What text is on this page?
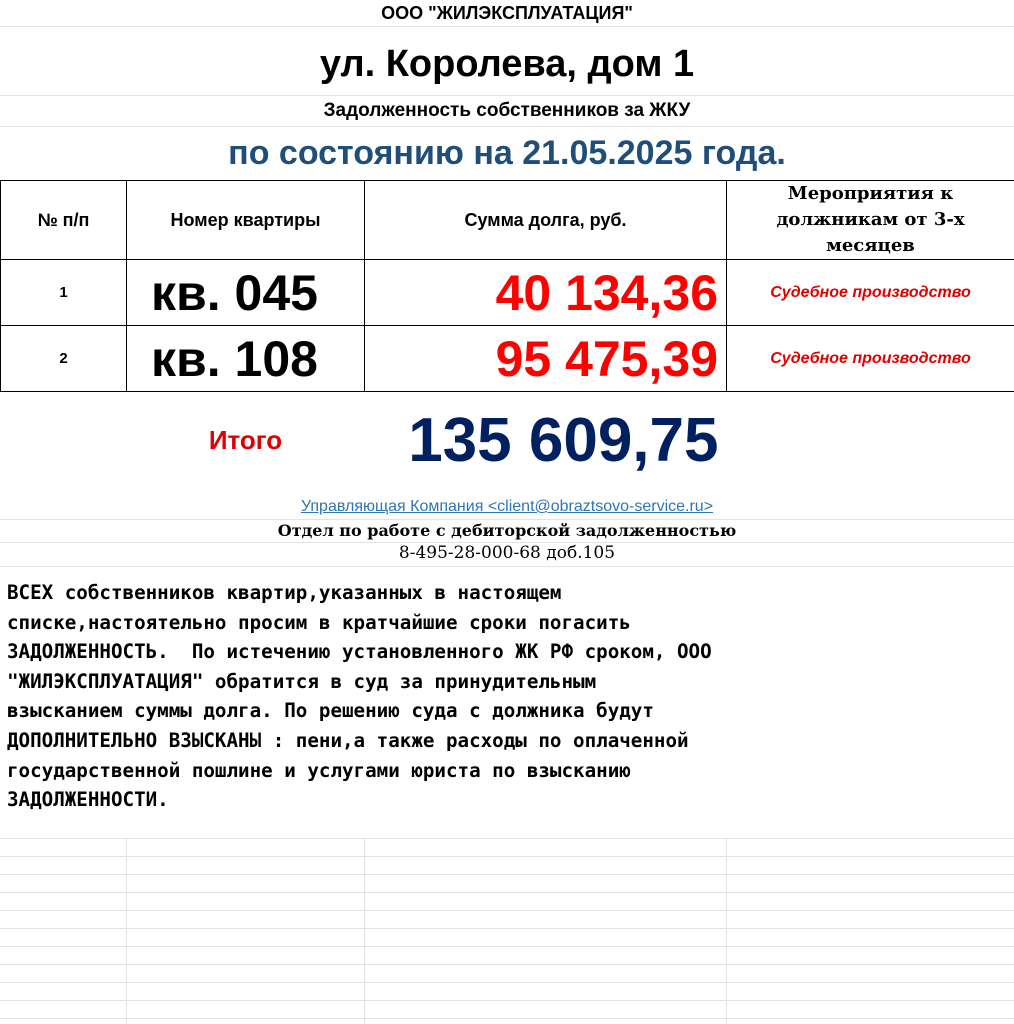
ООО "ЖИЛЭКСПЛУАТАЦИЯ"
ул. Королева, дом 1
Задолженность собственников за ЖКУ
по состоянию на 21.05.2025 года.
№ п/п	Номер квартиры	Сумма долга, руб.	Мероприятия к
должникам от 3-х
месяцев

1	кв. 045	40 134,36	Судебное производство
2	кв. 108	95 475,39	Судебное производство
	Итого	135 609,75	
Управляющая Компания <client@obraztsovo-service.ru>
Отдел по работе с дебиторской задолженностью
8-495-28-000-68 доб.105
ВСЕХ собственников квартир,указанных в настоящем
списке,настоятельно просим в кратчайшие сроки погасить
ЗАДОЛЖЕННОСТЬ.  По истечению установленного ЖК РФ сроком, ООО
"ЖИЛЭКСПЛУАТАЦИЯ" обратится в суд за принудительным
взысканием суммы долга. По решению суда с должника будут
ДОПОЛНИТЕЛЬНО ВЗЫСКАНЫ : пени,а также расходы по оплаченной
государственной пошлине и услугами юриста по взысканию
ЗАДОЛЖЕННОСТИ.
